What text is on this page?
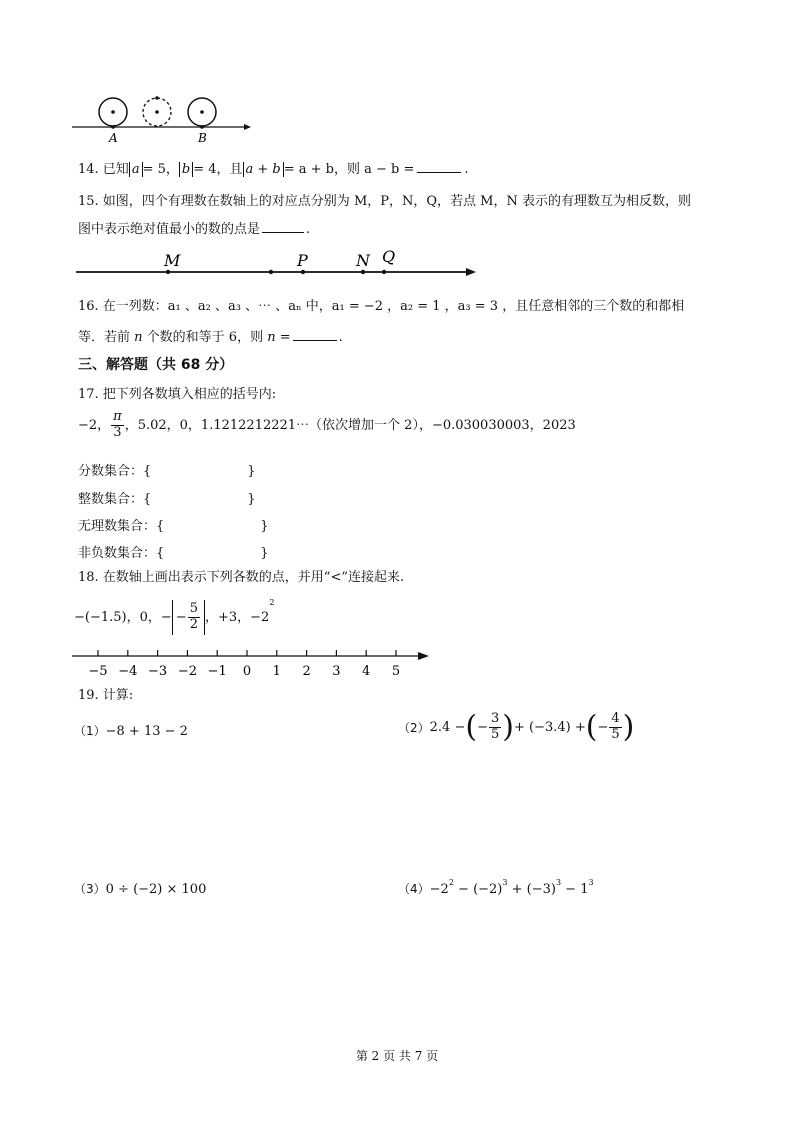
A	B
14. 已知 a = 5， b = 4，且 a + b = a + b，则 a − b =	.
15. 如图，四个有理数在数轴上的对应点分别为 M，P，N，Q，若点 M，N 表示的有理数互为相反数，则
图中表示绝对值最小的数的点是	.
M	P	N Q
16. 在一列数：a₁ 、a₂ 、a₃ 、⋯ 、aₙ 中，a₁ = −2 ，a₂ = 1 ，a₃ = 3 ，且任意相邻的三个数的和都相
等．若前 n 个数的和等于 6，则 n =	.
三、解答题（共 68 分）
17. 把下列各数填入相应的括号内:
−2， $\frac{\pi}{3}$ ，5.02，0，1.1212212221⋯（依次增加一个 2），−0.030030003，2023
分数集合：{	}
整数集合：{	}
无理数集合：{	}
非负数集合：{	}
18. 在数轴上画出表示下列各数的点，并用“<”连接起来.
−(−1.5)，0，− − $\frac{5}{2}$ ，+3，$-2^2$
−5 −4 −3 −2 −1 0 1 2 3 4 5
19. 计算:
（1）−8 + 13 − 2	（2）2.4 −(− $\frac{3}{5}$ )+ (−3.4) +(− $\frac{4}{5}$ )
（3）0 ÷ (−2) × 100	$(4)-2^2 - (-2)^3 + (-3)^3 - 1^3$
第 2 页 共 7 页
